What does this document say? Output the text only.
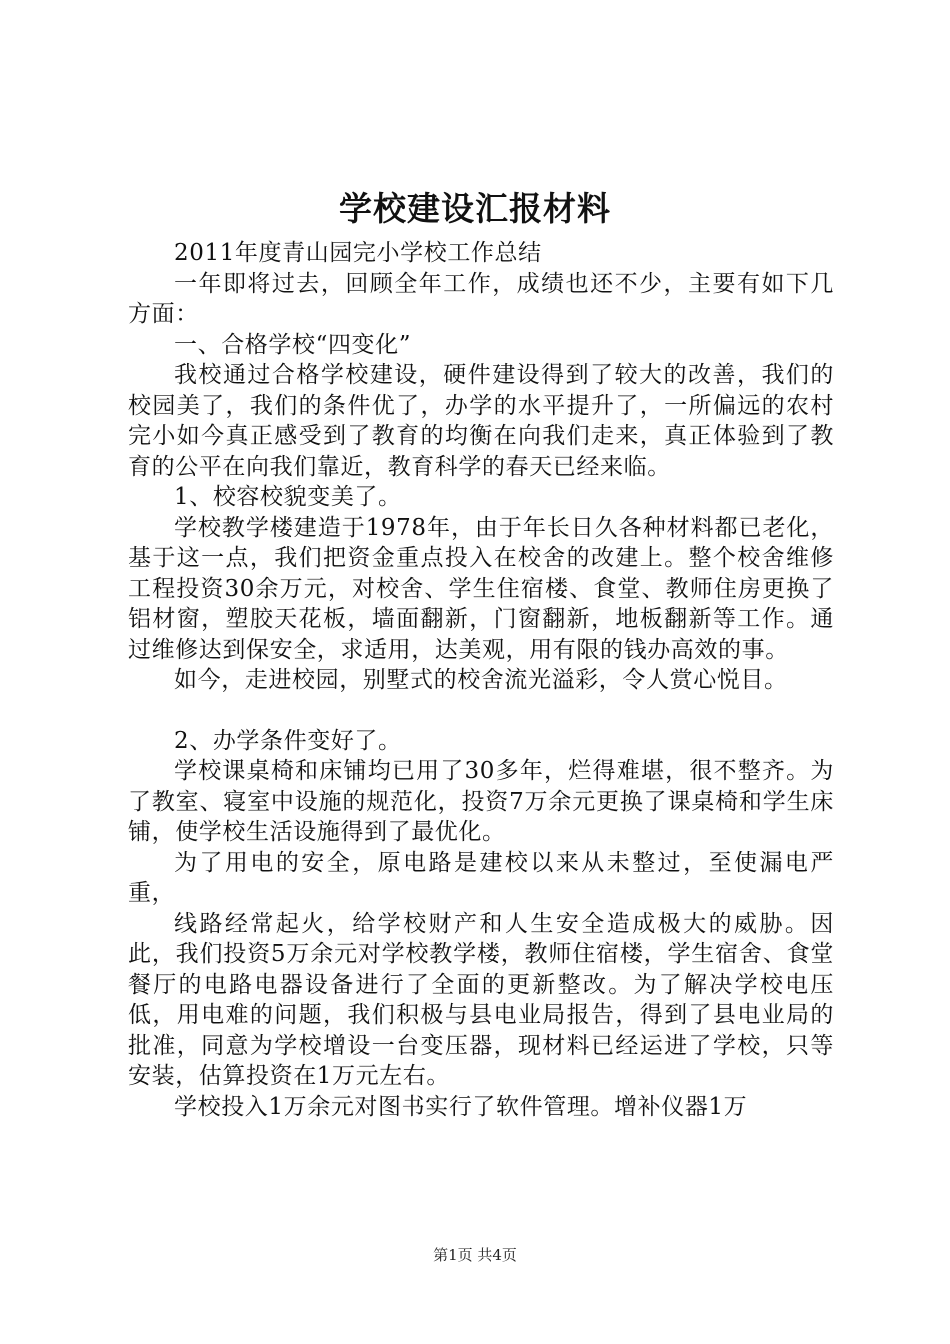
学校建设汇报材料

2011年度青山园完小学校工作总结

一年即将过去，回顾全年工作，成绩也还不少，主要有如下几方面：

一、合格学校“四变化”

我校通过合格学校建设，硬件建设得到了较大的改善，我们的校园美了，我们的条件优了，办学的水平提升了，一所偏远的农村完小如今真正感受到了教育的均衡在向我们走来，真正体验到了教育的公平在向我们靠近，教育科学的春天已经来临。

1、校容校貌变美了。

学校教学楼建造于1978年，由于年长日久各种材料都已老化，基于这一点，我们把资金重点投入在校舍的改建上。整个校舍维修工程投资30余万元，对校舍、学生住宿楼、食堂、教师住房更换了铝材窗，塑胶天花板，墙面翻新，门窗翻新，地板翻新等工作。通过维修达到保安全，求适用，达美观，用有限的钱办高效的事。

如今，走进校园，别墅式的校舍流光溢彩，令人赏心悦目。

2、办学条件变好了。

学校课桌椅和床铺均已用了30多年，烂得难堪，很不整齐。为了教室、寝室中设施的规范化，投资7万余元更换了课桌椅和学生床铺，使学校生活设施得到了最优化。

为了用电的安全，原电路是建校以来从未整过，至使漏电严重，

线路经常起火，给学校财产和人生安全造成极大的威胁。因此，我们投资5万余元对学校教学楼，教师住宿楼，学生宿舍、食堂餐厅的电路电器设备进行了全面的更新整改。为了解决学校电压低，用电难的问题，我们积极与县电业局报告，得到了县电业局的批准，同意为学校增设一台变压器，现材料已经运进了学校，只等安装，估算投资在1万元左右。

学校投入1万余元对图书实行了软件管理。增补仪器1万

第1页 共4页
